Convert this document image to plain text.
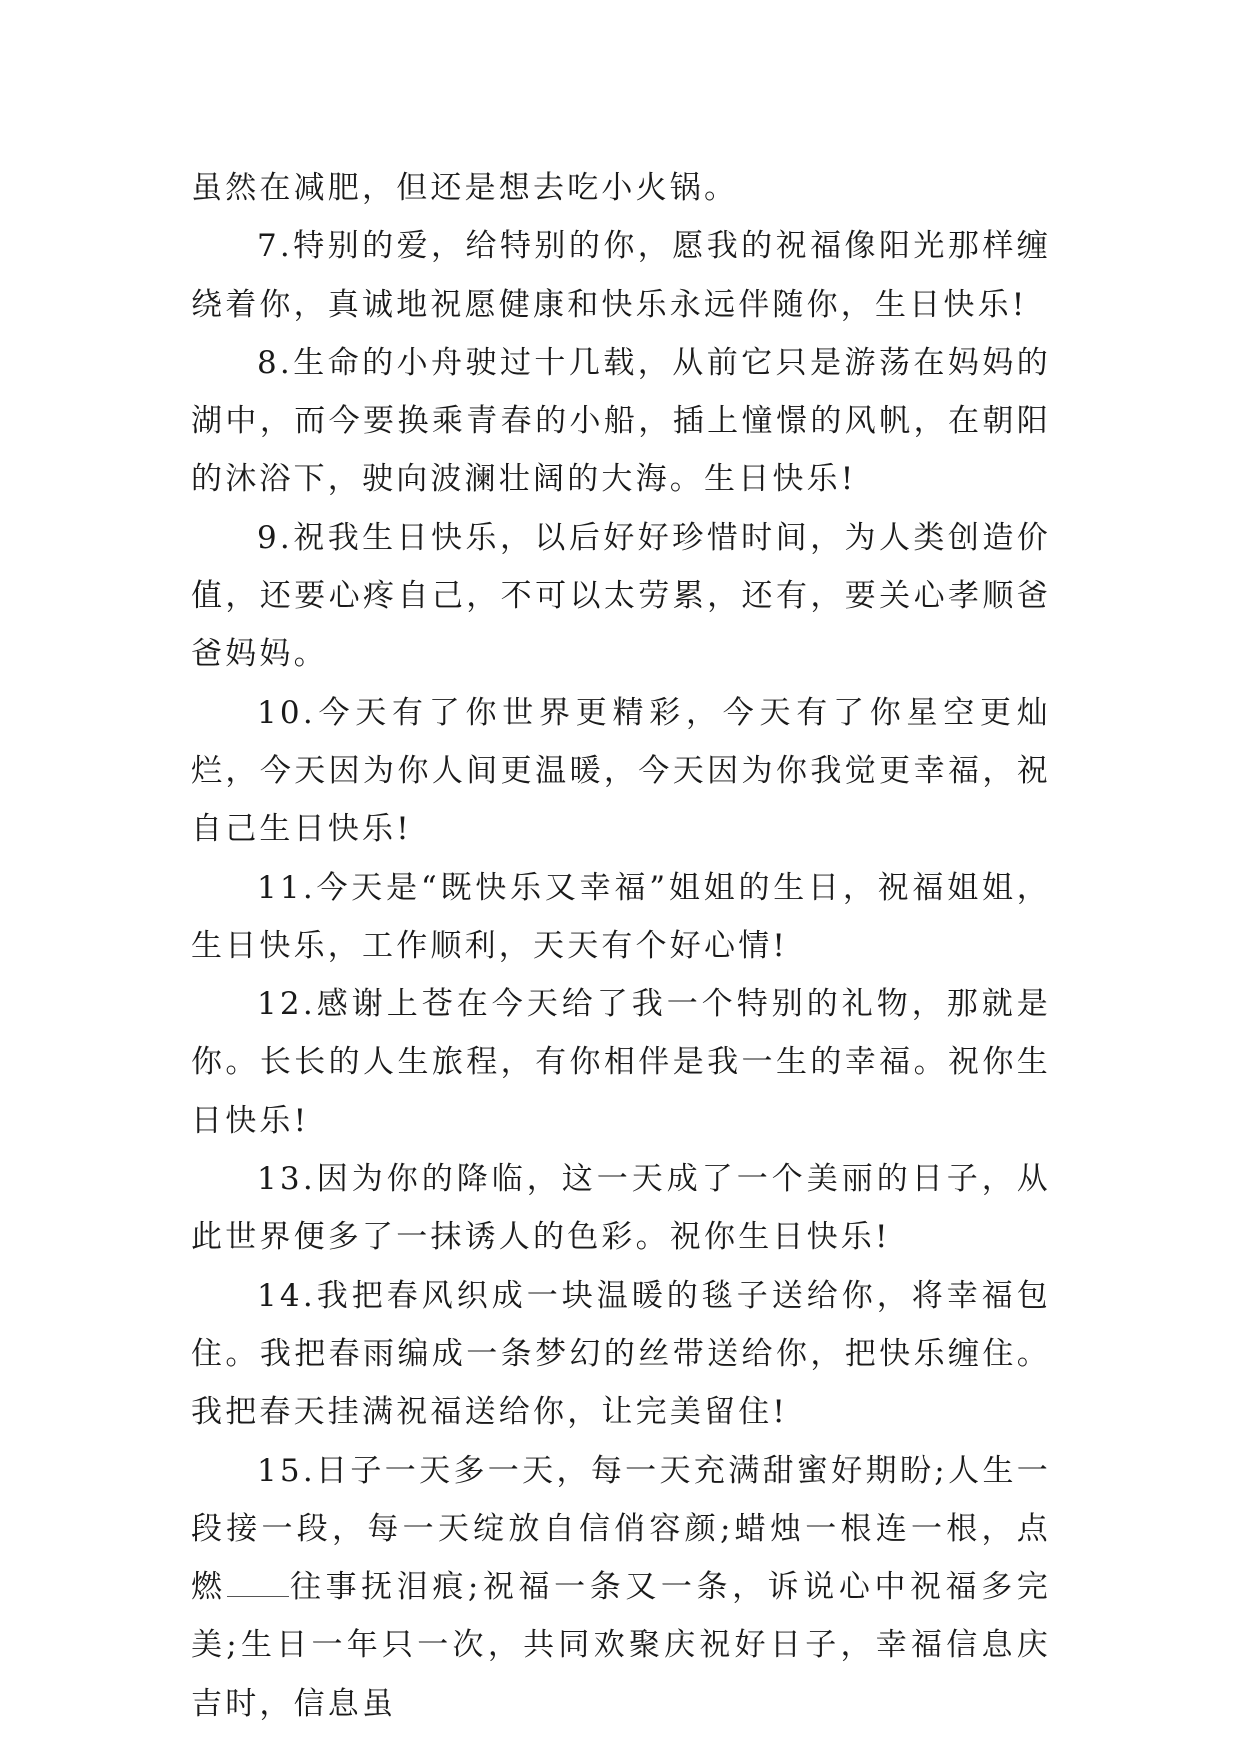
虽然在减肥，但还是想去吃小火锅。

7.特别的爱，给特别的你，愿我的祝福像阳光那样缠绕着你，真诚地祝愿健康和快乐永远伴随你，生日快乐!

8.生命的小舟驶过十几载，从前它只是游荡在妈妈的湖中，而今要换乘青春的小船，插上憧憬的风帆，在朝阳的沐浴下，驶向波澜壮阔的大海。生日快乐!

9.祝我生日快乐，以后好好珍惜时间，为人类创造价值，还要心疼自己，不可以太劳累，还有，要关心孝顺爸爸妈妈。

10.今天有了你世界更精彩，今天有了你星空更灿烂，今天因为你人间更温暖，今天因为你我觉更幸福，祝自己生日快乐!

11.今天是“既快乐又幸福”姐姐的生日，祝福姐姐，生日快乐，工作顺利，天天有个好心情!

12.感谢上苍在今天给了我一个特别的礼物，那就是你。长长的人生旅程，有你相伴是我一生的幸福。祝你生日快乐!

13.因为你的降临，这一天成了一个美丽的日子，从此世界便多了一抹诱人的色彩。祝你生日快乐!

14.我把春风织成一块温暖的毯子送给你，将幸福包住。我把春雨编成一条梦幻的丝带送给你，把快乐缠住。我把春天挂满祝福送给你，让完美留住!

15.日子一天多一天，每一天充满甜蜜好期盼;人生一段接一段，每一天绽放自信俏容颜;蜡烛一根连一根，点燃 往事抚泪痕;祝福一条又一条，诉说心中祝福多完美;生日一年只一次，共同欢聚庆祝好日子，幸福信息庆吉时，信息虽
